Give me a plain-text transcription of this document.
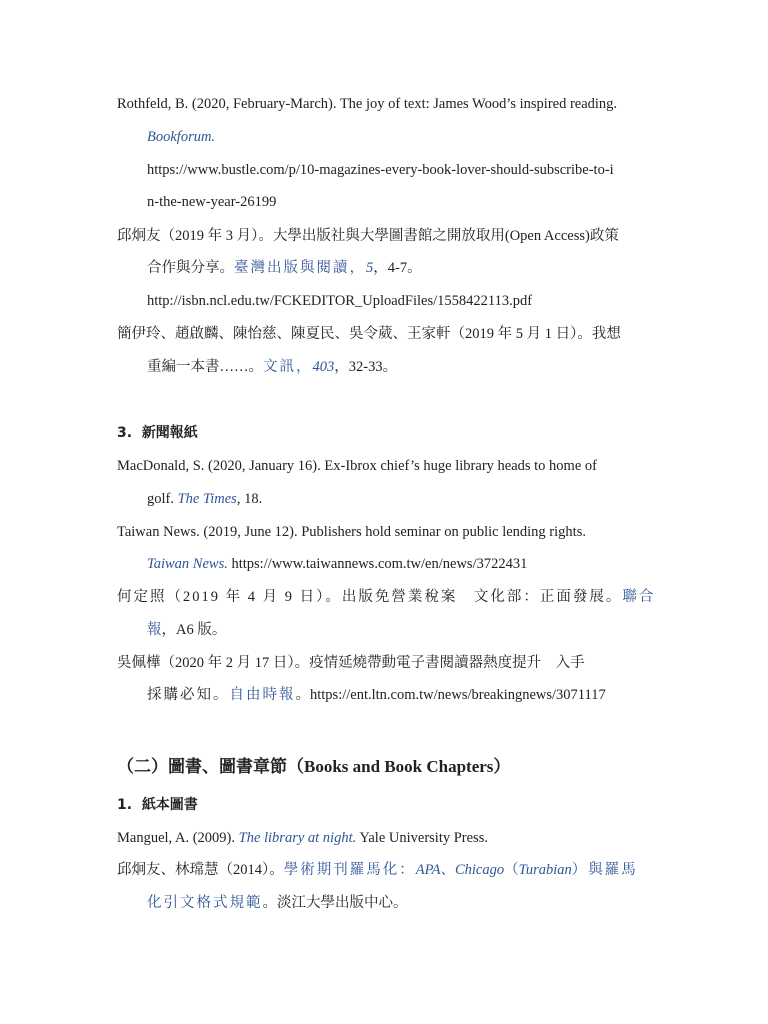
Rothfeld, B. (2020, February-March). The joy of text: James Wood’s inspired reading.
Bookforum.
https://www.bustle.com/p/10-magazines-every-book-lover-should-subscribe-to-i
n-the-new-year-26199
邱炯友（2019 年 3 月）。大學出版社與大學圖書館之開放取用(Open Access)政策
合作與分享。臺灣出版與閱讀，5，4-7。
http://isbn.ncl.edu.tw/FCKEDITOR_UploadFiles/1558422113.pdf
簡伊玲、趙啟麟、陳怡慈、陳夏民、吳令葳、王家軒（2019 年 5 月 1 日）。我想
重編一本書……。文訊，403，32-33。
3. 新聞報紙
MacDonald, S. (2020, January 16). Ex-Ibrox chief’s huge library heads to home of
golf. The Times, 18.
Taiwan News. (2019, June 12). Publishers hold seminar on public lending rights.
Taiwan News. https://www.taiwannews.com.tw/en/news/3722431
何定照（2019 年 4 月 9 日）。出版免營業稅案　文化部：正面發展。聯合
報，A6 版。
吳佩樺（2020 年 2 月 17 日）。疫情延燒帶動電子書閱讀器熱度提升　入手
採購必知。自由時報。https://ent.ltn.com.tw/news/breakingnews/3071117
（二）圖書、圖書章節（Books and Book Chapters）
1. 紙本圖書
Manguel, A. (2009). The library at night. Yale University Press.
邱炯友、林瑺慧（2014）。學術期刊羅馬化：APA、Chicago（Turabian）與羅馬
化引文格式規範。淡江大學出版中心。
